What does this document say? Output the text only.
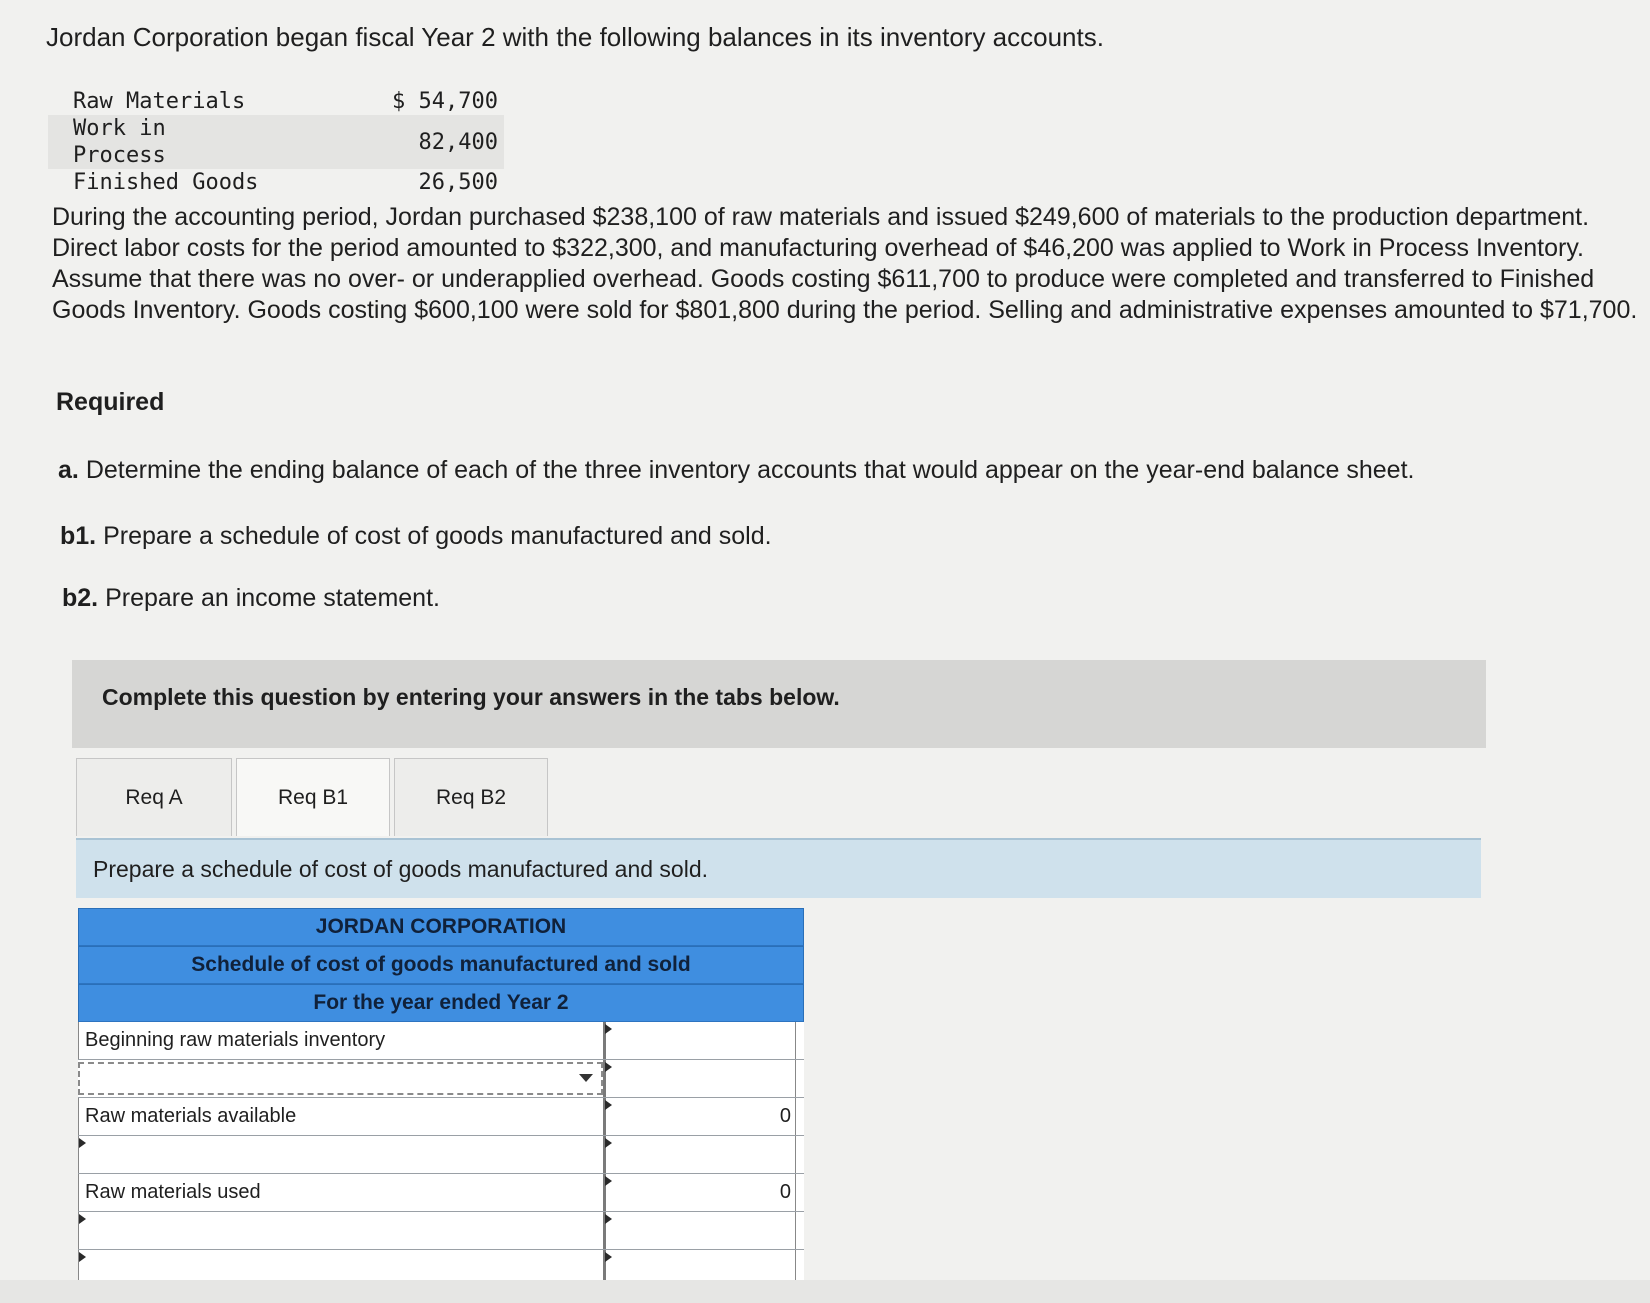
Jordan Corporation began fiscal Year 2 with the following balances in its inventory accounts.
Raw Materials	$ 54,700
Work in Process	82,400
Finished Goods	26,500
During the accounting period, Jordan purchased $238,100 of raw materials and issued $249,600 of materials to the production department. Direct labor costs for the period amounted to $322,300, and manufacturing overhead of $46,200 was applied to Work in Process Inventory. Assume that there was no over- or underapplied overhead. Goods costing $611,700 to produce were completed and transferred to Finished Goods Inventory. Goods costing $600,100 were sold for $801,800 during the period. Selling and administrative expenses amounted to $71,700.
Required
a. Determine the ending balance of each of the three inventory accounts that would appear on the year-end balance sheet.
b1. Prepare a schedule of cost of goods manufactured and sold.
b2. Prepare an income statement.
Complete this question by entering your answers in the tabs below.
Req A	Req B1	Req B2
Prepare a schedule of cost of goods manufactured and sold.
JORDAN CORPORATION
Schedule of cost of goods manufactured and sold
For the year ended Year 2
Beginning raw materials inventory
Raw materials available	0
Raw materials used	0
